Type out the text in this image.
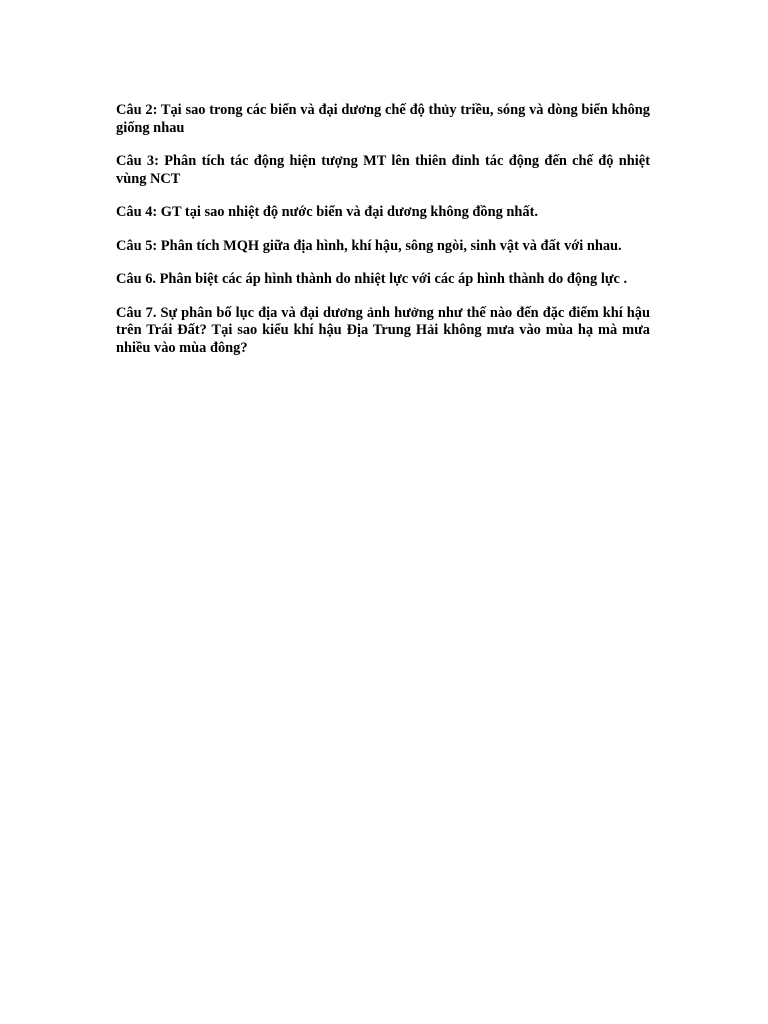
Câu 2: Tại sao trong các biển và đại dương chế độ thủy triều, sóng và dòng biển không giống nhau

Câu 3: Phân tích tác động hiện tượng MT lên thiên đỉnh tác động đến chế độ nhiệt vùng NCT

Câu 4: GT tại sao nhiệt độ nước biển và đại dương không đồng nhất.

Câu 5: Phân tích MQH giữa địa hình, khí hậu, sông ngòi, sinh vật và đất với nhau.

Câu 6. Phân biệt các áp hình thành do nhiệt lực với các áp hình thành do động lực .

Câu 7. Sự phân bố lục địa và đại dương ảnh hưởng như thế nào đến đặc điểm khí hậu trên Trái Đất? Tại sao kiểu khí hậu Địa Trung Hải không mưa vào mùa hạ mà mưa nhiều vào mùa đông?
